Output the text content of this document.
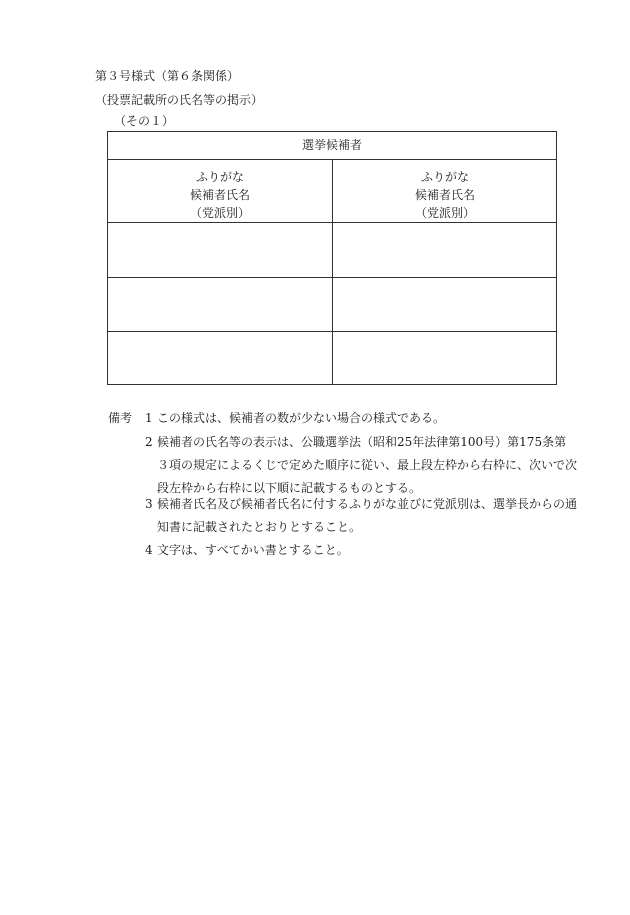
第３号様式（第６条関係）
（投票記載所の氏名等の掲示）
（その１）
選挙候補者
ふりがな
候補者氏名
（党派別）
ふりがな
候補者氏名
（党派別）
備考 1 この様式は、候補者の数が少ない場合の様式である。
2 候補者の氏名等の表示は、公職選挙法（昭和25年法律第100号）第175条第３項の規定によるくじで定めた順序に従い、最上段左枠から右枠に、次いで次段左枠から右枠に以下順に記載するものとする。
3 候補者氏名及び候補者氏名に付するふりがな並びに党派別は、選挙長からの通知書に記載されたとおりとすること。
4 文字は、すべてかい書とすること。
